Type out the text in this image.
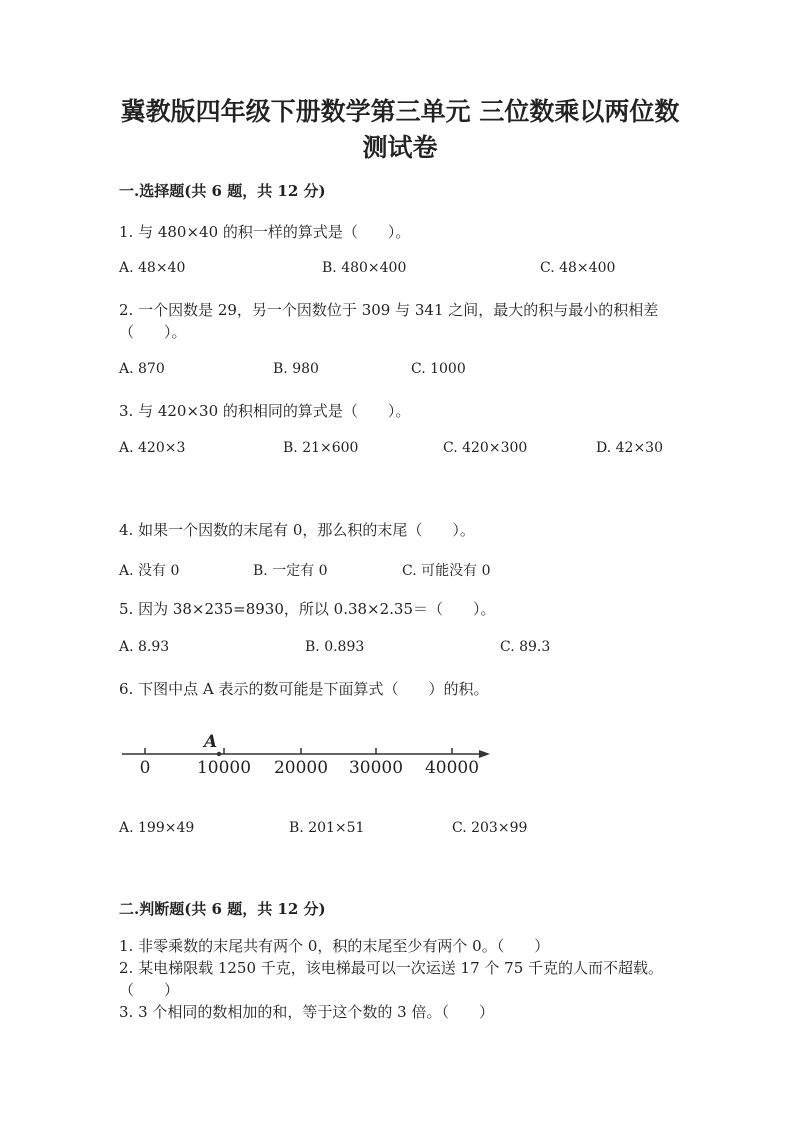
冀教版四年级下册数学第三单元 三位数乘以两位数
测试卷
一.选择题(共 6 题，共 12 分)
1. 与 480×40 的积一样的算式是（　　）。
A. 48×40	B. 480×400	C. 48×400
2. 一个因数是 29，另一个因数位于 309 与 341 之间，最大的积与最小的积相差
（　　）。
A. 870	B. 980	C. 1000
3. 与 420×30 的积相同的算式是（　　）。
A. 420×3	B. 21×600	C. 420×300	D. 42×30
4. 如果一个因数的末尾有 0，那么积的末尾（　　）。
A. 没有 0	B. 一定有 0	C. 可能没有 0
5. 因为 38×235=8930，所以 0.38×2.35＝（　　）。
A. 8.93	B. 0.893	C. 89.3
6. 下图中点 A 表示的数可能是下面算式（　　）的积。
A
0	10000 20000 30000 40000
A. 199×49	B. 201×51	C. 203×99
二.判断题(共 6 题，共 12 分)
1. 非零乘数的末尾共有两个 0，积的末尾至少有两个 0。（　　）
2. 某电梯限载 1250 千克，该电梯最可以一次运送 17 个 75 千克的人而不超载。
（　　）
3. 3 个相同的数相加的和，等于这个数的 3 倍。（　　）
